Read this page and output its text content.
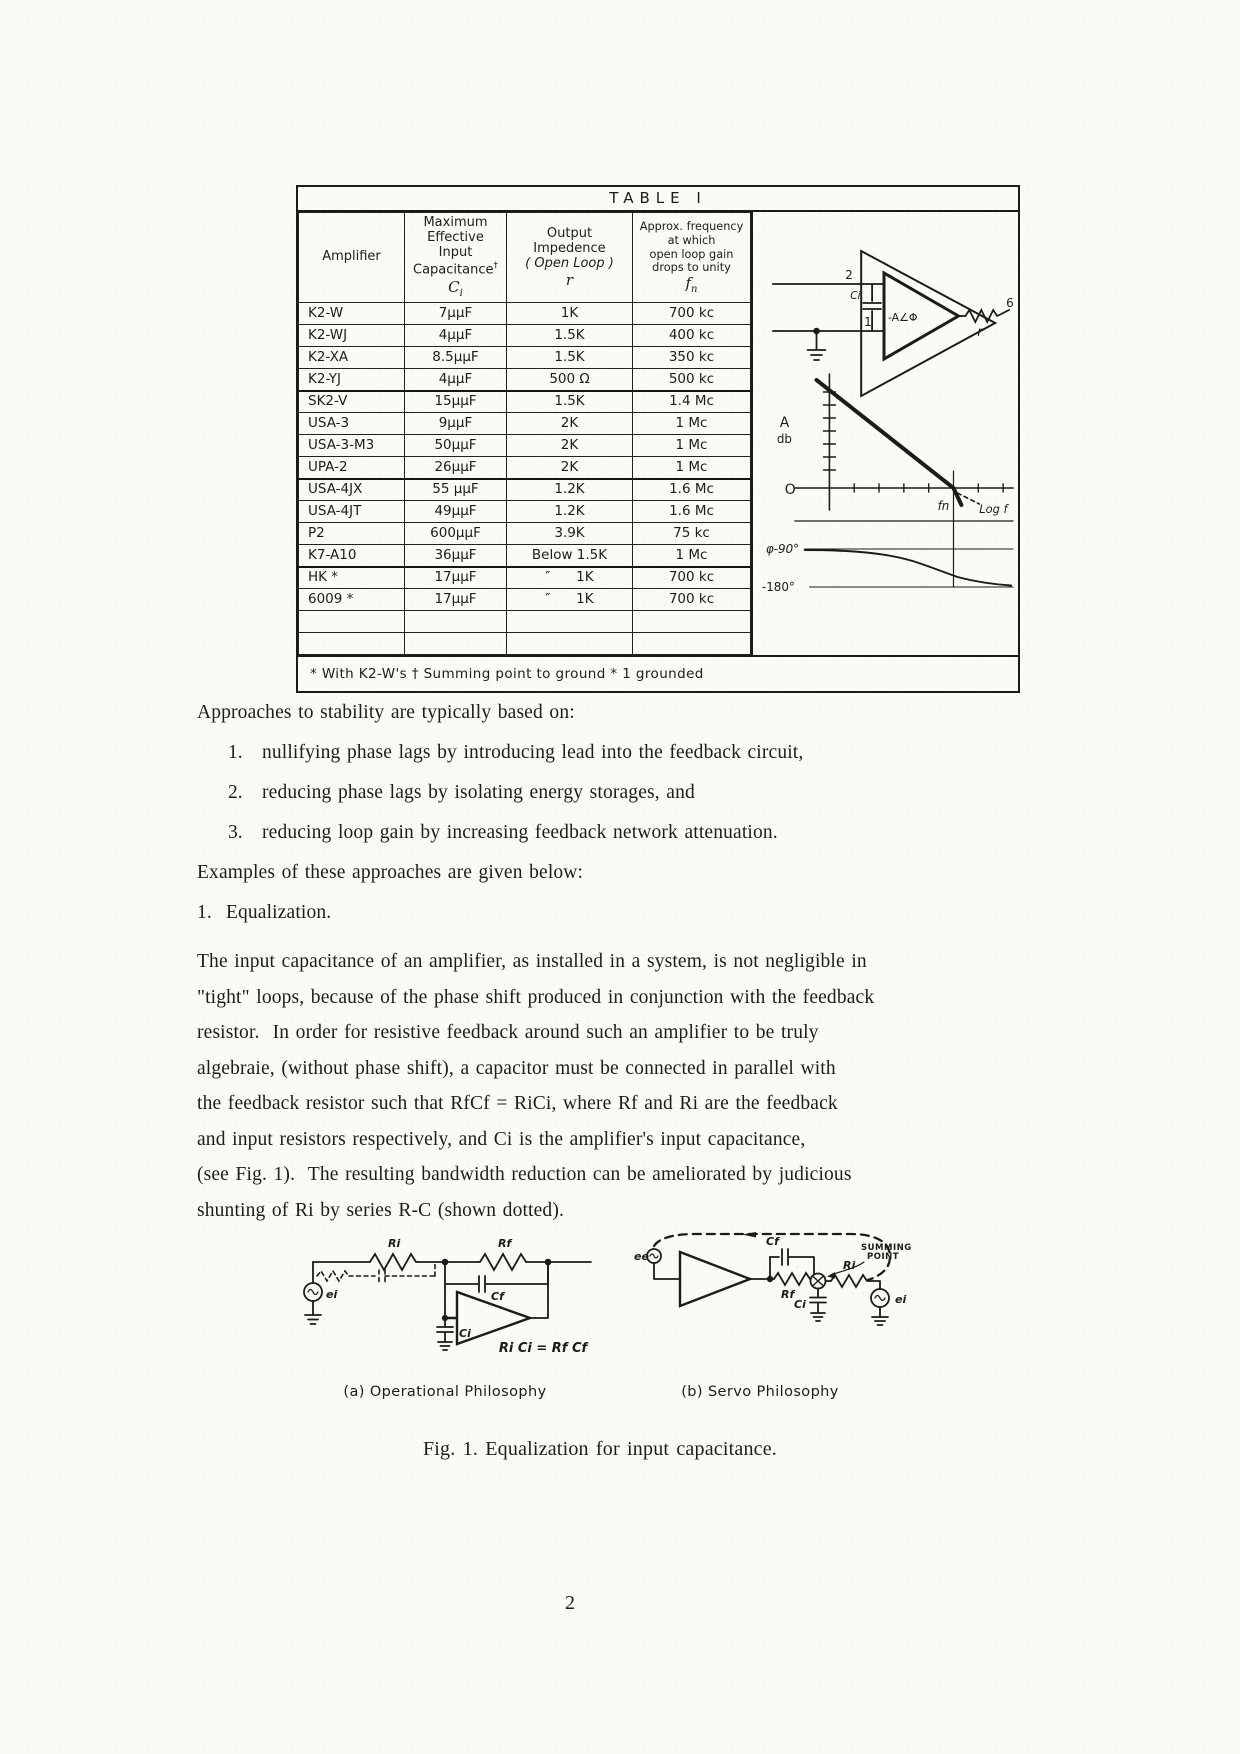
TABLE I
Amplifier

Maximum
Effective
Input
Capacitance†
$C_i$

Output
Impedence
( Open Loop )
r

Approx. frequency
at which
open loop gain
drops to unity
$f_n$

K2-W	7μμF	1K	700 kc
K2-WJ	4μμF	1.5K	400 kc
K2-XA	8.5μμF	1.5K	350 kc
K2-YJ	4μμF	500 Ω	500 kc
SK2-V	15μμF	1.5K	1.4 Mc
USA-3	9μμF	2K	1 Mc
USA-3-M3	50μμF	2K	1 Mc
UPA-2	26μμF	2K	1 Mc
USA-4JX	55 μμF	1.2K	1.6 Mc
USA-4JT	49μμF	1.2K	1.6 Mc
P2	600μμF	3.9K	75 kc
K7-A10	36μμF	Below 1.5K	1 Mc
HK *	17μμF	″      1K	700 kc
6009 *	17μμF	″      1K	700 kc

2
1
6
Ci
-A∠Φ
r
A
db
O
fn	Log f
φ-90°
-180°
* With K2-W's † Summing point to ground * 1 grounded
Approaches to stability are typically based on:
1. nullifying phase lags by introducing lead into the feedback circuit,
2. reducing phase lags by isolating energy storages, and
3. reducing loop gain by increasing feedback network attenuation.
Examples of these approaches are given below:
1. Equalization.
The input capacitance of an amplifier, as installed in a system, is not negligible in
"tight" loops, because of the phase shift produced in conjunction with the feedback
resistor.  In order for resistive feedback around such an amplifier to be truly
algebraie, (without phase shift), a capacitor must be connected in parallel with
the feedback resistor such that RfCf = RiCi, where Rf and Ri are the feedback
and input resistors respectively, and Ci is the amplifier's input capacitance,
(see Fig. 1).  The resulting bandwidth reduction can be ameliorated by judicious
shunting of Ri by series R-C (shown dotted).
Ri	Rf
Cf
Ci
ei
Ri Ci = Rf Cf
(a) Operational Philosophy
ee
Cf
Rf
Ri
Ci	ei
SUMMING
POINT
(b) Servo Philosophy
Fig. 1. Equalization for input capacitance.
2
